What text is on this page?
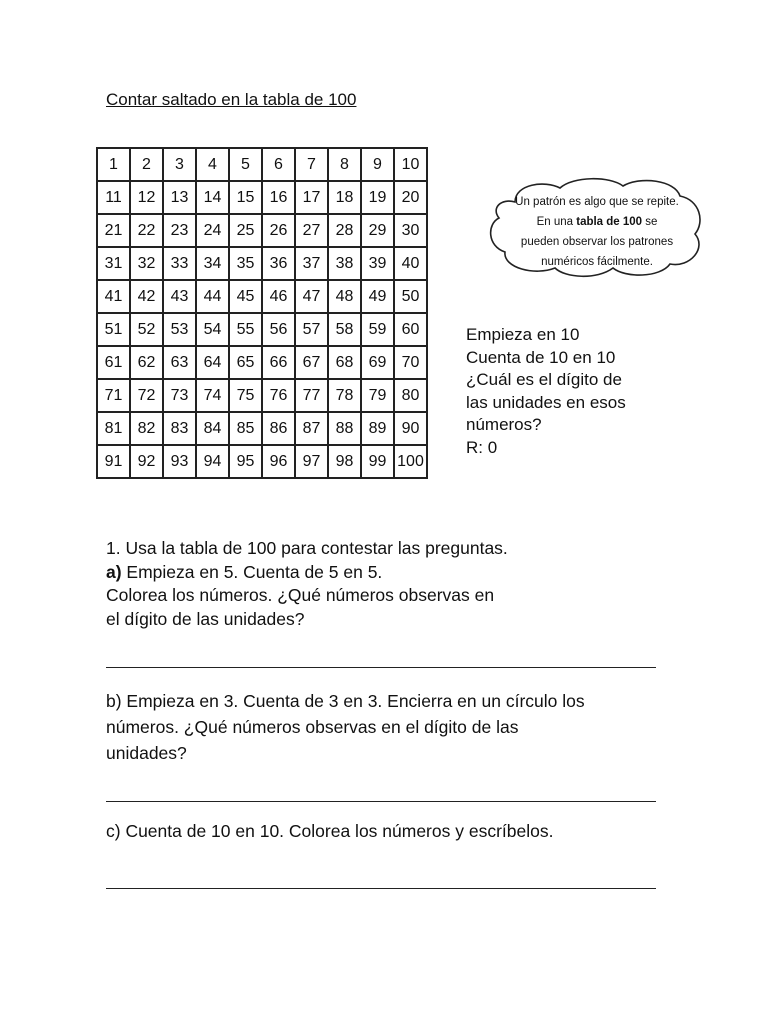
Contar saltado en la tabla de 100
1	2	3	4	5	6	7	8	9	10
11	12	13	14	15	16	17	18	19	20
21	22	23	24	25	26	27	28	29	30
31	32	33	34	35	36	37	38	39	40
41	42	43	44	45	46	47	48	49	50
51	52	53	54	55	56	57	58	59	60
61	62	63	64	65	66	67	68	69	70
71	72	73	74	75	76	77	78	79	80
81	82	83	84	85	86	87	88	89	90
91	92	93	94	95	96	97	98	99	100
Un patrón es algo que se repite.
En una tabla de 100 se
pueden observar los patrones
numéricos fácilmente.
Empieza en 10
Cuenta de 10 en 10
¿Cuál es el dígito de
las unidades en esos
números?
R: 0
1. Usa la tabla de 100 para contestar las preguntas.
a) Empieza en 5. Cuenta de 5 en 5.
Colorea los números. ¿Qué números observas en
el dígito de las unidades?
b) Empieza en 3. Cuenta de 3 en 3. Encierra en un círculo los
números. ¿Qué números observas en el dígito de las
unidades?
c) Cuenta de 10 en 10. Colorea los números y escríbelos.
